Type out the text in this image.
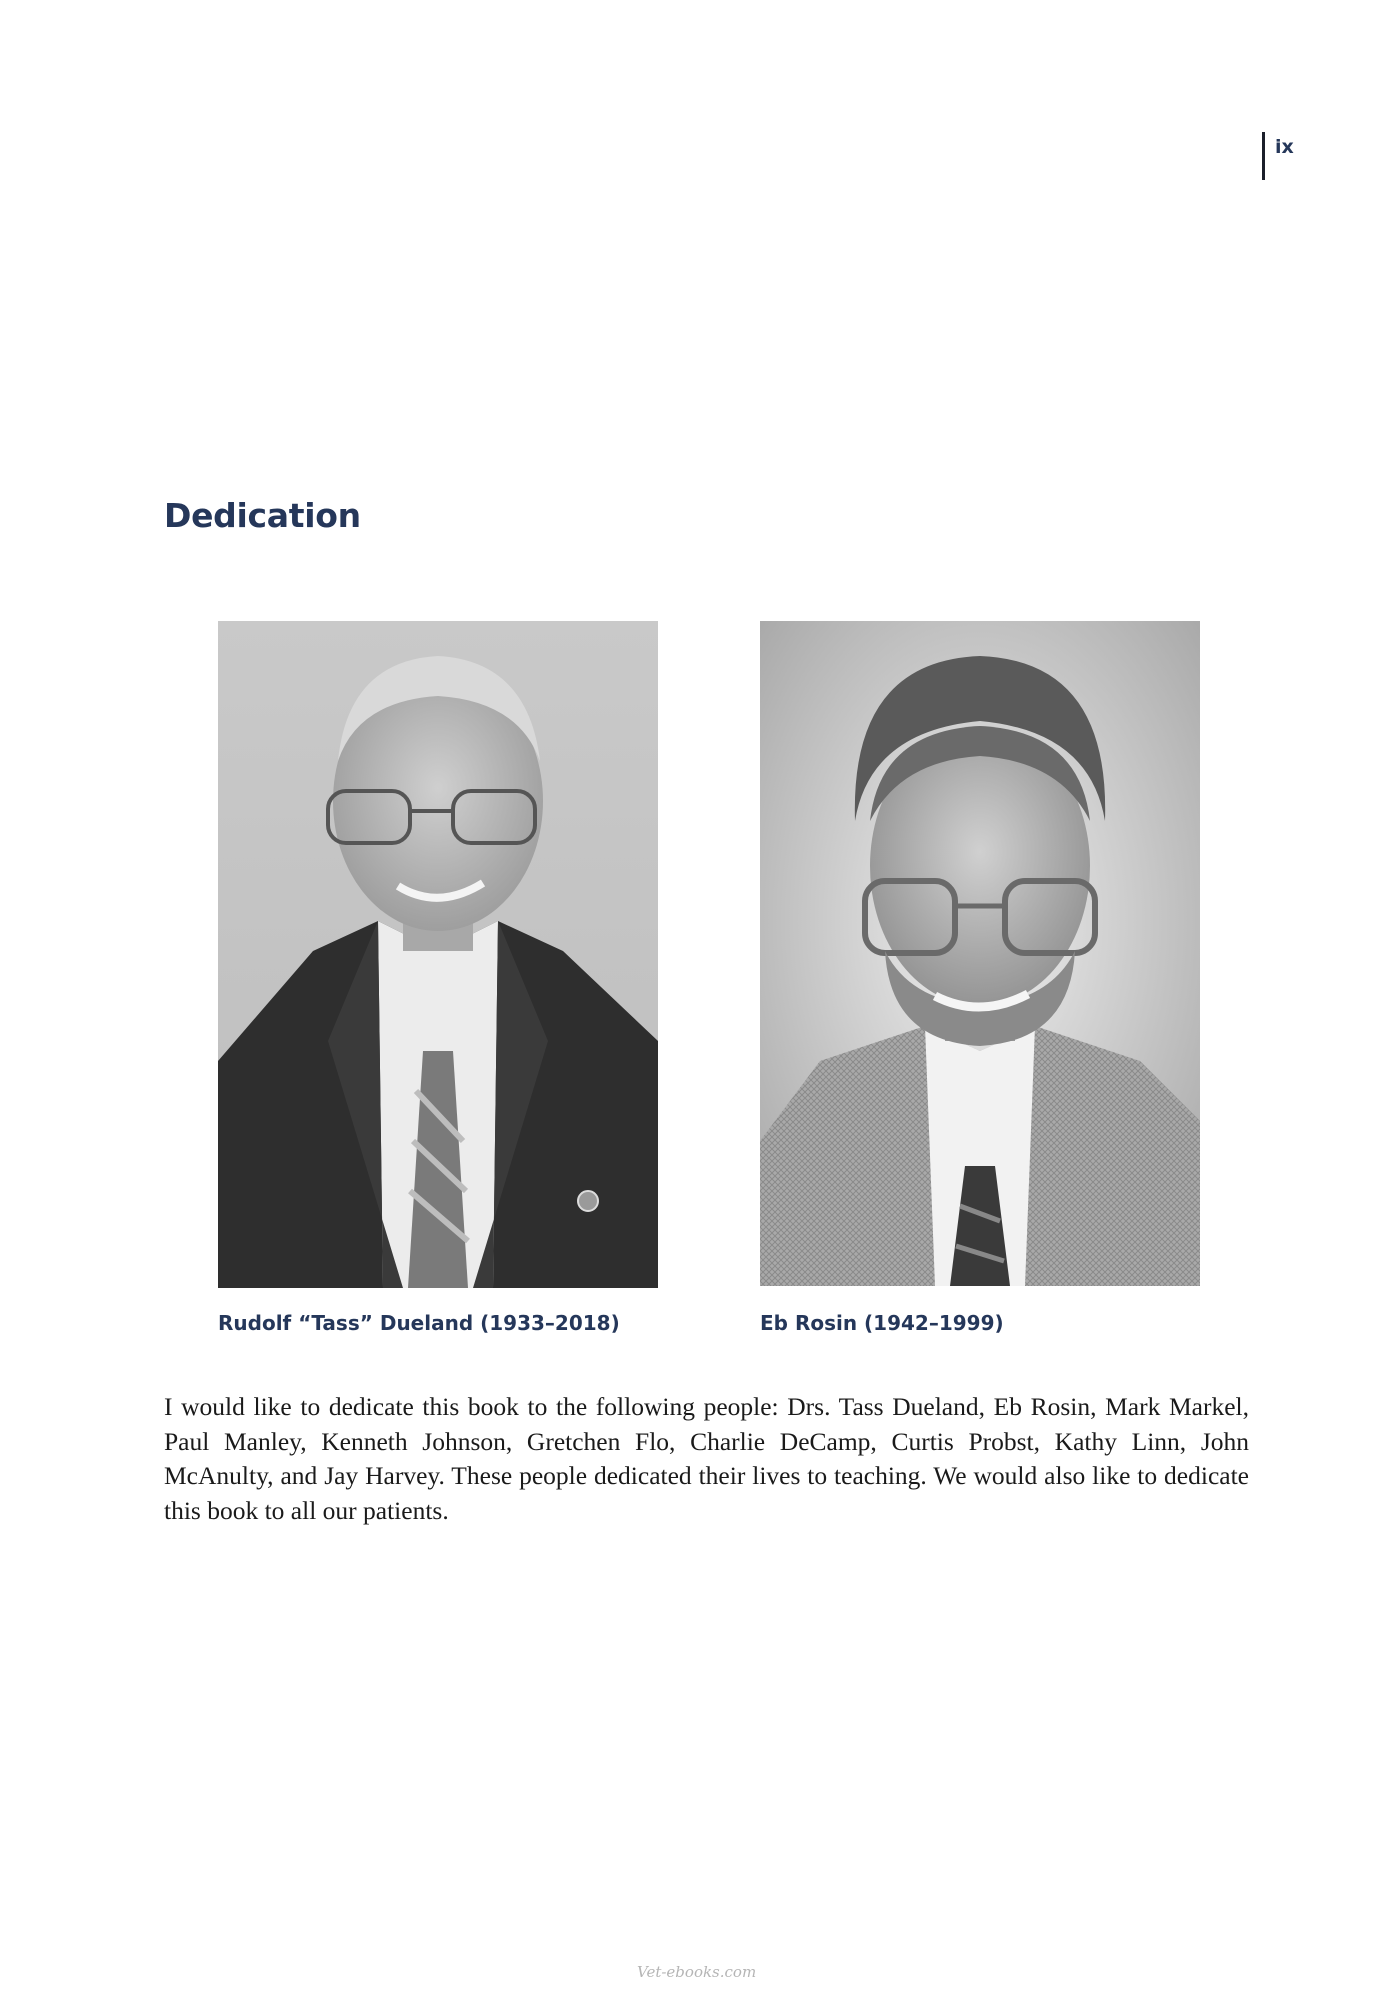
ix
Dedication
Rudolf “Tass” Dueland (1933–2018)	Eb Rosin (1942–1999)

I would like to dedicate this book to the following people: Drs. Tass Dueland, Eb Rosin, Mark Markel, Paul Manley, Kenneth Johnson, Gretchen Flo, Charlie DeCamp, Curtis Probst, Kathy Linn, John McAnulty, and Jay Harvey. These people dedicated their lives to teaching. We would also like to dedicate this book to all our patients.

Vet-ebooks.com
